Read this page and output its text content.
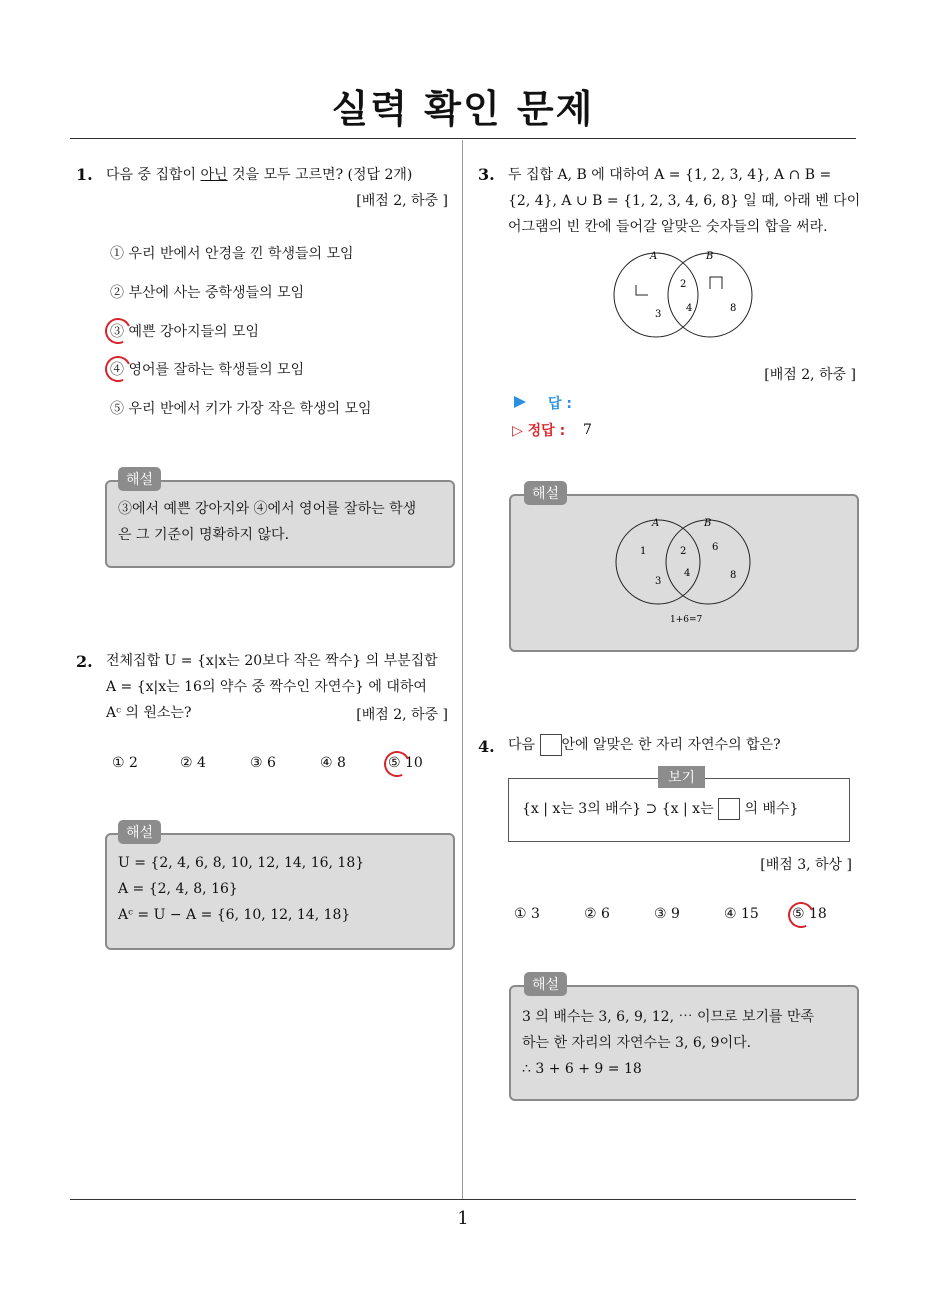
실력 확인 문제
1. 다음 중 집합이 아닌 것을 모두 고르면? (정답 2개)
[배점 2, 하중 ]
① 우리 반에서 안경을 낀 학생들의 모임
② 부산에 사는 중학생들의 모임
③ 예쁜 강아지들의 모임
④ 영어를 잘하는 학생들의 모임
⑤ 우리 반에서 키가 가장 작은 학생의 모임
해설
③에서 예쁜 강아지와 ④에서 영어를 잘하는 학생
은 그 기준이 명확하지 않다.
2. 전체집합 U = {x|x는 20보다 작은 짝수} 의 부분집합
A = {x|x는 16의 약수 중 짝수인 자연수} 에 대하여
Aᶜ 의 원소는?	[배점 2, 하중 ]
① 2	② 4	③ 6	④ 8	⑤ 10
해설
U = {2, 4, 6, 8, 10, 12, 14, 16, 18}
A = {2, 4, 8, 16}
Aᶜ = U − A = {6, 10, 12, 14, 18}
3. 두 집합 A, B 에 대하여 A = {1, 2, 3, 4}, A ∩ B =
{2, 4}, A ∪ B = {1, 2, 3, 4, 6, 8} 일 때, 아래 벤 다이
어그램의 빈 칸에 들어갈 알맞은 숫자들의 합을 써라.
A	B
2
3
4	8
[배점 2, 하중 ]
답 :
▷ 정답 : 7
해설
A	B
1	2
3
4
6
8
1+6=7
4. 다음 안에 알맞은 한 자리 자연수의 합은?
보기
{x | x는 3의 배수} ⊃ {x | x는  의 배수}
[배점 3, 하상 ]
① 3	② 6	③ 9	④ 15 ⑤ 18
해설
3 의 배수는 3, 6, 9, 12, ⋯ 이므로 보기를 만족
하는 한 자리의 자연수는 3, 6, 9이다.
∴ 3 + 6 + 9 = 18
1
